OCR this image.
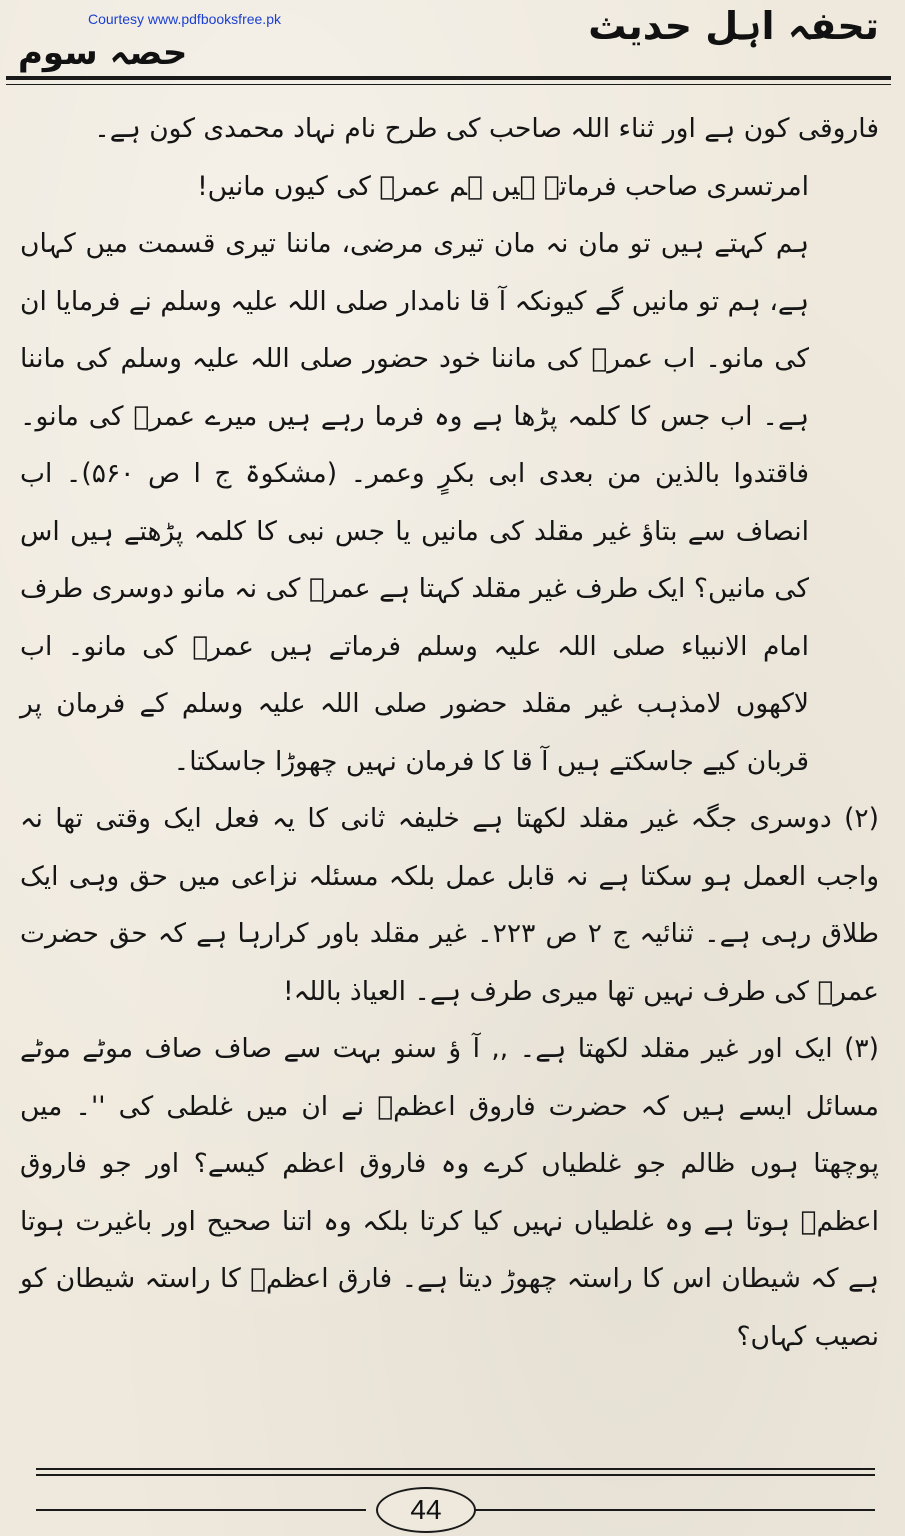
Courtesy www.pdfbooksfree.pk	تحفہ اہل حدیث
حصہ سوم

فاروقی کون ہے اور ثناء اللہ صاحب کی طرح نام نہاد محمدی کون ہے۔

امرتسری صاحب فرماتے ہیں ہم عمرؓ کی کیوں مانیں!

ہم کہتے ہیں تو مان نہ مان تیری مرضی، ماننا تیری قسمت میں کہاں ہے، ہم تو مانیں گے کیونکہ آ قا نامدار صلی اللہ علیہ وسلم نے فرمایا ان کی مانو۔ اب عمرؓ کی ماننا خود حضور صلی اللہ علیہ وسلم کی ماننا ہے۔ اب جس کا کلمہ پڑھا ہے وہ فرما رہے ہیں میرے عمرؓ کی مانو۔ فاقتدوا بالذین من بعدی ابی بکرٍ وعمر۔ (مشکوۃ ج ا ص ۵۶۰)۔ اب انصاف سے بتاؤ غیر مقلد کی مانیں یا جس نبی کا کلمہ پڑھتے ہیں اس کی مانیں؟ ایک طرف غیر مقلد کہتا ہے عمرؓ کی نہ مانو دوسری طرف امام الانبیاء صلی اللہ علیہ وسلم فرماتے ہیں عمرؓ کی مانو۔ اب لاکھوں لامذہب غیر مقلد حضور صلی اللہ علیہ وسلم کے فرمان پر قربان کیے جاسکتے ہیں آ قا کا فرمان نہیں چھوڑا جاسکتا۔

(۲) دوسری جگہ غیر مقلد لکھتا ہے خلیفہ ثانی کا یہ فعل ایک وقتی تھا نہ واجب العمل ہو سکتا ہے نہ قابل عمل بلکہ مسئلہ نزاعی میں حق وہی ایک طلاق رہی ہے۔ ثنائیہ ج ۲ ص ۲۲۳۔ غیر مقلد باور کرارہا ہے کہ حق حضرت عمرؓ کی طرف نہیں تھا میری طرف ہے۔ العیاذ باللہ!

(۳) ایک اور غیر مقلد لکھتا ہے۔ ,, آ ؤ سنو بہت سے صاف صاف موٹے موٹے مسائل ایسے ہیں کہ حضرت فاروق اعظمؓ نے ان میں غلطی کی ''۔ میں پوچھتا ہوں ظالم جو غلطیاں کرے وہ فاروق اعظم کیسے؟ اور جو فاروق اعظمؓ ہوتا ہے وہ غلطیاں نہیں کیا کرتا بلکہ وہ اتنا صحیح اور باغیرت ہوتا ہے کہ شیطان اس کا راستہ چھوڑ دیتا ہے۔ فارق اعظمؓ کا راستہ شیطان کو نصیب کہاں؟

44
